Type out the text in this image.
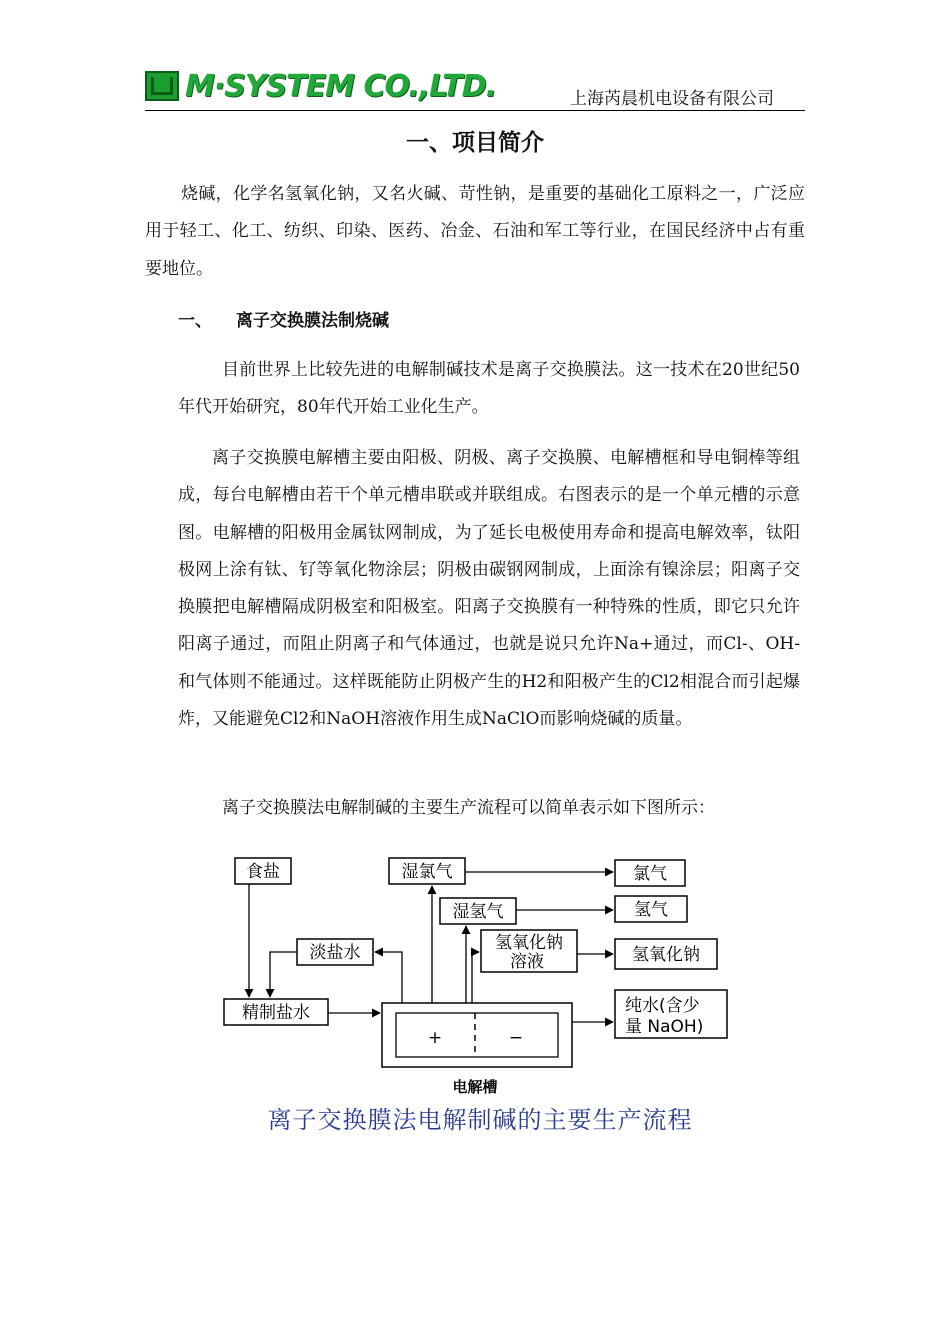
M·SYSTEM CO.,LTD.	上海芮晨机电设备有限公司
一、项目简介

烧碱，化学名氢氧化钠，又名火碱、苛性钠，是重要的基础化工原料之一，广泛应用于轻工、化工、纺织、印染、医药、冶金、石油和军工等行业，在国民经济中占有重要地位。

一、 离子交换膜法制烧碱

目前世界上比较先进的电解制碱技术是离子交换膜法。这一技术在20世纪50年代开始研究，80年代开始工业化生产。

离子交换膜电解槽主要由阳极、阴极、离子交换膜、电解槽框和导电铜棒等组成，每台电解槽由若干个单元槽串联或并联组成。右图表示的是一个单元槽的示意图。电解槽的阳极用金属钛网制成，为了延长电极使用寿命和提高电解效率，钛阳极网上涂有钛、钌等氧化物涂层；阴极由碳钢网制成，上面涂有镍涂层；阳离子交换膜把电解槽隔成阴极室和阳极室。阳离子交换膜有一种特殊的性质，即它只允许阳离子通过，而阻止阴离子和气体通过，也就是说只允许Na+通过，而Cl-、OH-和气体则不能通过。这样既能防止阴极产生的H2和阳极产生的Cl2相混合而引起爆炸，又能避免Cl2和NaOH溶液作用生成NaClO而影响烧碱的质量。

离子交换膜法电解制碱的主要生产流程可以简单表示如下图所示：

食盐	湿氯气	氯气
湿氢气	氢气
氢氧化钠
溶液	氢氧化钠
淡盐水
精制盐水	纯水(含少
量 NaOH)
+	−
电解槽
离子交换膜法电解制碱的主要生产流程
